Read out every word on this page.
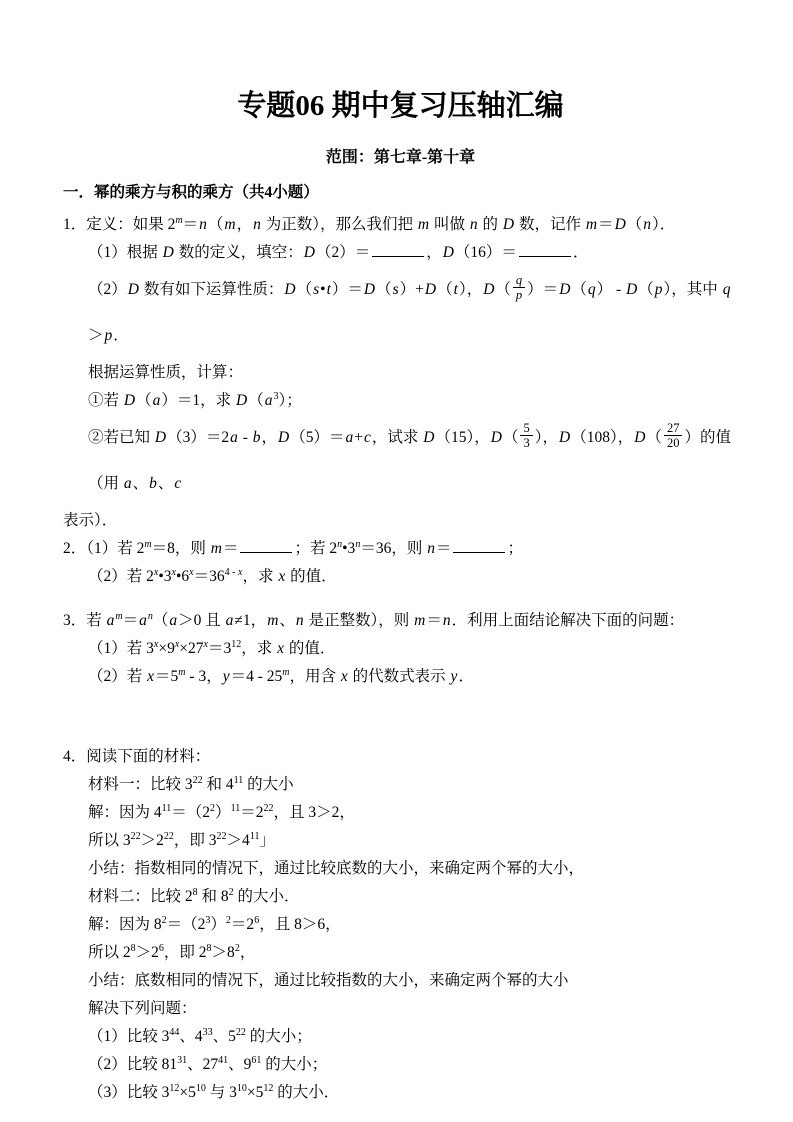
专题06 期中复习压轴汇编
范围：第七章-第十章
一．幂的乘方与积的乘方（共4小题）
1．定义：如果 $2^m=n(m$，n 为正数），那么我们把 m 叫做 n 的 D 数，记作 m＝D（n）．
（1）根据 D 数的定义，填空：D（2）＝	，D（16）＝	．
（2）D 数有如下运算性质：D（s•t）＝D（s）+D（t），$D( \frac{q}{p} )=D(q) - D(p)$，其中 q＞p．
根据运算性质，计算：
①若 D（a）＝1，求 $D(a^3)$；
②若已知 D（3）＝2a - b，D（5）＝a+c，试求 D（15），$D( \frac{5}{3}$ ），D（108），$D( \frac{27}{20}$ ）的值（用 a、b、c
表示）．
2．（1）若 $2^m=8$，则 m＝	；若 $2^n•3^n=36$，则 n＝	；
（2）若 $2^x•3^x•6^x=36^{4 - x}$，求 x 的值．
3．若 $a^m=a^n(a>0$ 且 a≠1，m、n 是正整数），则 m＝n．利用上面结论解决下面的问题：
（1）若 $3^x\times 9^x\times 27^x=3^{12}$，求 x 的值．
（2）若 $x=5^m - 3$，y＝4 - 25$^m$，用含 x 的代数式表示 y．
4．阅读下面的材料：
材料一：比较 $3^{22}$ 和 $4^{11}$ 的大小
解：因为 $4^{11}=(2^2)^{11}=2^{22}$，且 3＞2，
所以 $3^{22}>2^{22}$，即 $3^{22}>4^{11}$」
小结：指数相同的情况下，通过比较底数的大小，来确定两个幂的大小，
材料二：比较 $2^8$ 和 $8^2$ 的大小．
解：因为 $8^2=(2^3)^2=2^6$，且 8＞6，
所以 $2^8>2^6$，即 $2^8>8^2$，
小结：底数相同的情况下，通过比较指数的大小，来确定两个幂的大小
解决下列问题：
（1）比较 $3^{44}$、$4^{33}$、$5^{22}$ 的大小；
（2）比较 $81^{31}$、$27^{41}$、$9^{61}$ 的大小；
（3）比较 $3^{12}\times 5^{10}$ 与 $3^{10}\times 5^{12}$ 的大小．
